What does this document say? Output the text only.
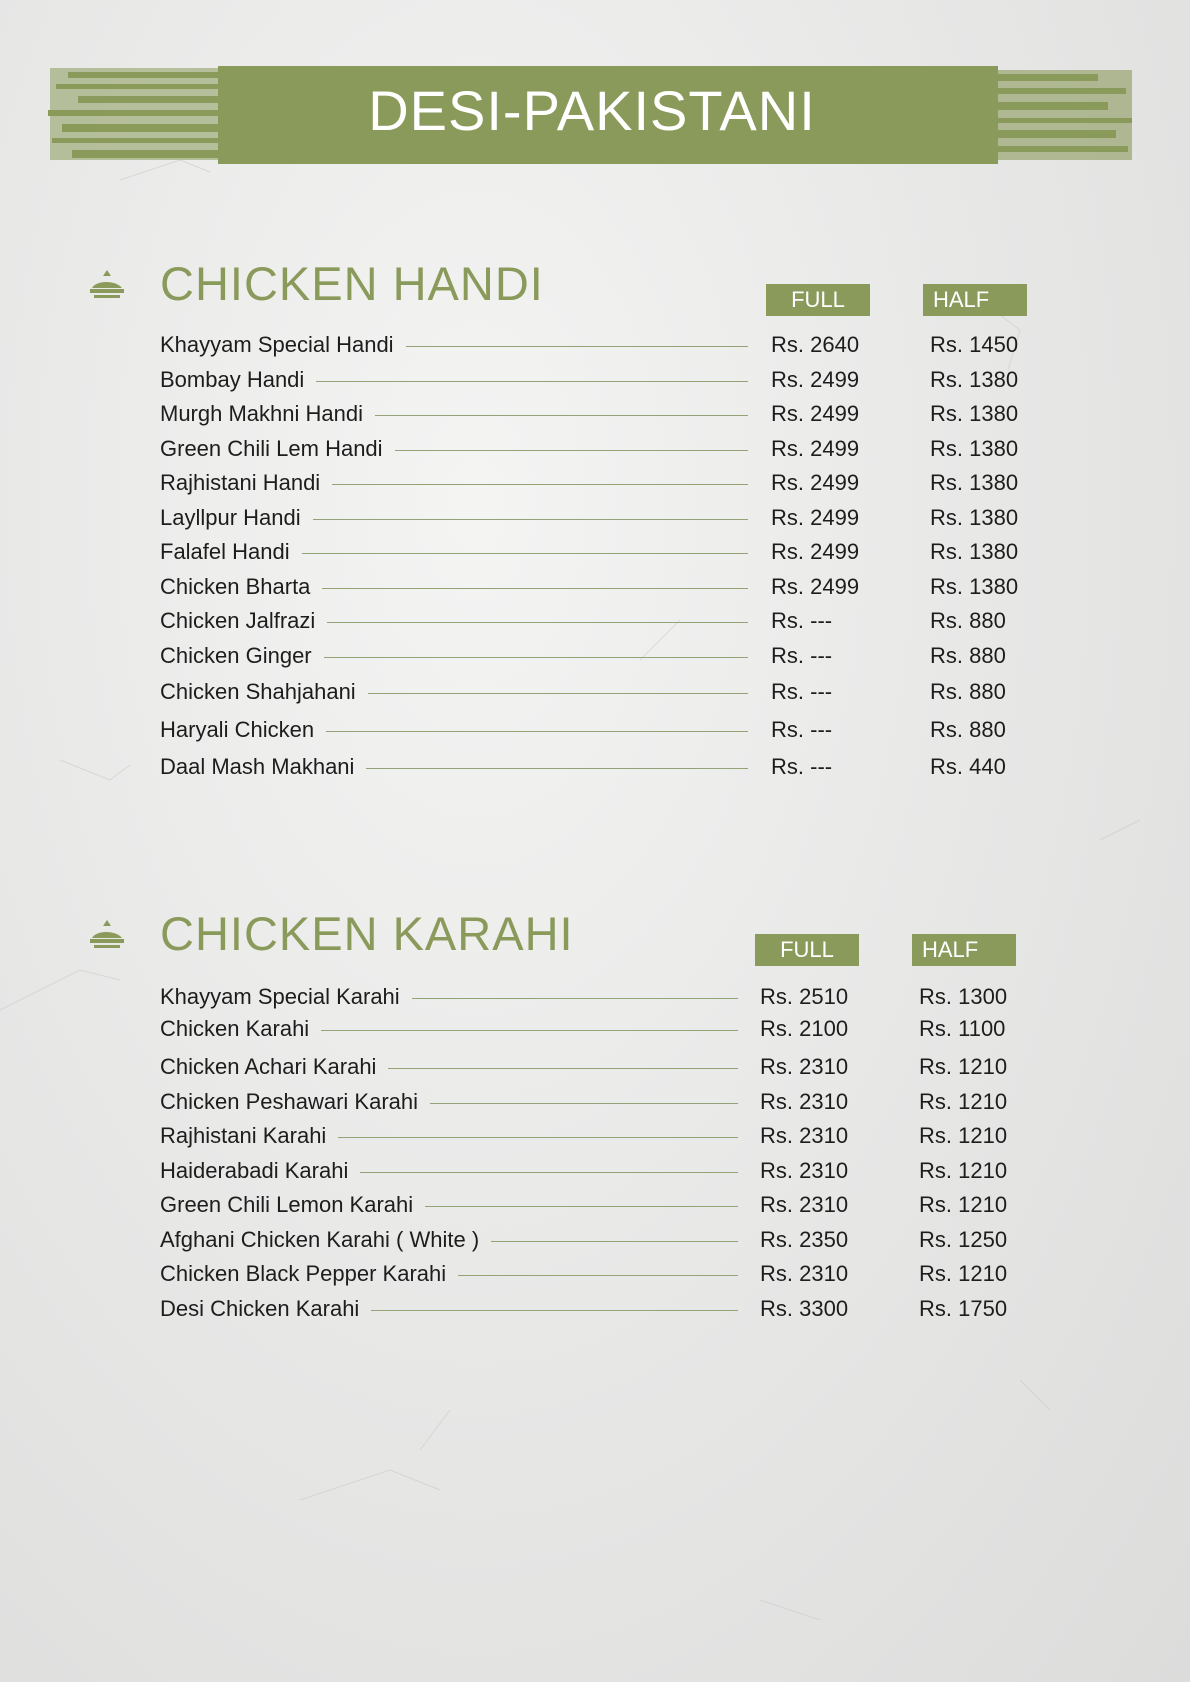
DESI-PAKISTANI
CHICKEN HANDI	FULL	HALF
Khayyam Special Handi	Rs. 2640	Rs. 1450
Bombay Handi	Rs. 2499	Rs. 1380
Murgh Makhni Handi	Rs. 2499	Rs. 1380
Green Chili Lem Handi	Rs. 2499	Rs. 1380
Rajhistani Handi	Rs. 2499	Rs. 1380
Layllpur Handi	Rs. 2499	Rs. 1380
Falafel Handi	Rs. 2499	Rs. 1380
Chicken Bharta	Rs. 2499	Rs. 1380
Chicken Jalfrazi	Rs. ---	Rs. 880
Chicken Ginger	Rs. ---	Rs. 880
Chicken Shahjahani	Rs. ---	Rs. 880
Haryali Chicken	Rs. ---	Rs. 880
Daal Mash Makhani	Rs. ---	Rs. 440
CHICKEN KARAHI	FULL	HALF
Khayyam Special Karahi	Rs. 2510	Rs. 1300
Chicken Karahi	Rs. 2100	Rs. 1100
Chicken Achari Karahi	Rs. 2310	Rs. 1210
Chicken Peshawari Karahi	Rs. 2310	Rs. 1210
Rajhistani Karahi	Rs. 2310	Rs. 1210
Haiderabadi Karahi	Rs. 2310	Rs. 1210
Green Chili Lemon Karahi	Rs. 2310	Rs. 1210
Afghani Chicken Karahi ( White )	Rs. 2350	Rs. 1250
Chicken Black Pepper Karahi	Rs. 2310	Rs. 1210
Desi Chicken Karahi	Rs. 3300	Rs. 1750
